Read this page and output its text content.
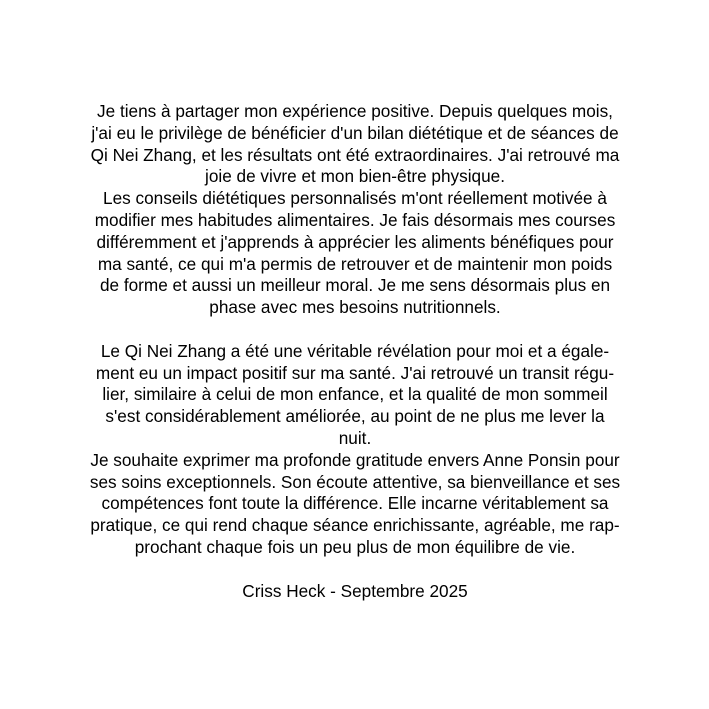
Je tiens à partager mon expérience positive. Depuis quelques mois,
j'ai eu le privilège de bénéficier d'un bilan diététique et de séances de
Qi Nei Zhang, et les résultats ont été extraordinaires. J'ai retrouvé ma
joie de vivre et mon bien-être physique.
Les conseils diététiques personnalisés m'ont réellement motivée à
modifier mes habitudes alimentaires. Je fais désormais mes courses
différemment et j'apprends à apprécier les aliments bénéfiques pour
ma santé, ce qui m'a permis de retrouver et de maintenir mon poids
de forme et aussi un meilleur moral. Je me sens désormais plus en
phase avec mes besoins nutritionnels.
Le Qi Nei Zhang a été une véritable révélation pour moi et a égale-
ment eu un impact positif sur ma santé. J'ai retrouvé un transit régu-
lier, similaire à celui de mon enfance, et la qualité de mon sommeil
s'est considérablement améliorée, au point de ne plus me lever la
nuit.
Je souhaite exprimer ma profonde gratitude envers Anne Ponsin pour
ses soins exceptionnels. Son écoute attentive, sa bienveillance et ses
compétences font toute la différence. Elle incarne véritablement sa
pratique, ce qui rend chaque séance enrichissante, agréable, me rap-
prochant chaque fois un peu plus de mon équilibre de vie.
Criss Heck - Septembre 2025
